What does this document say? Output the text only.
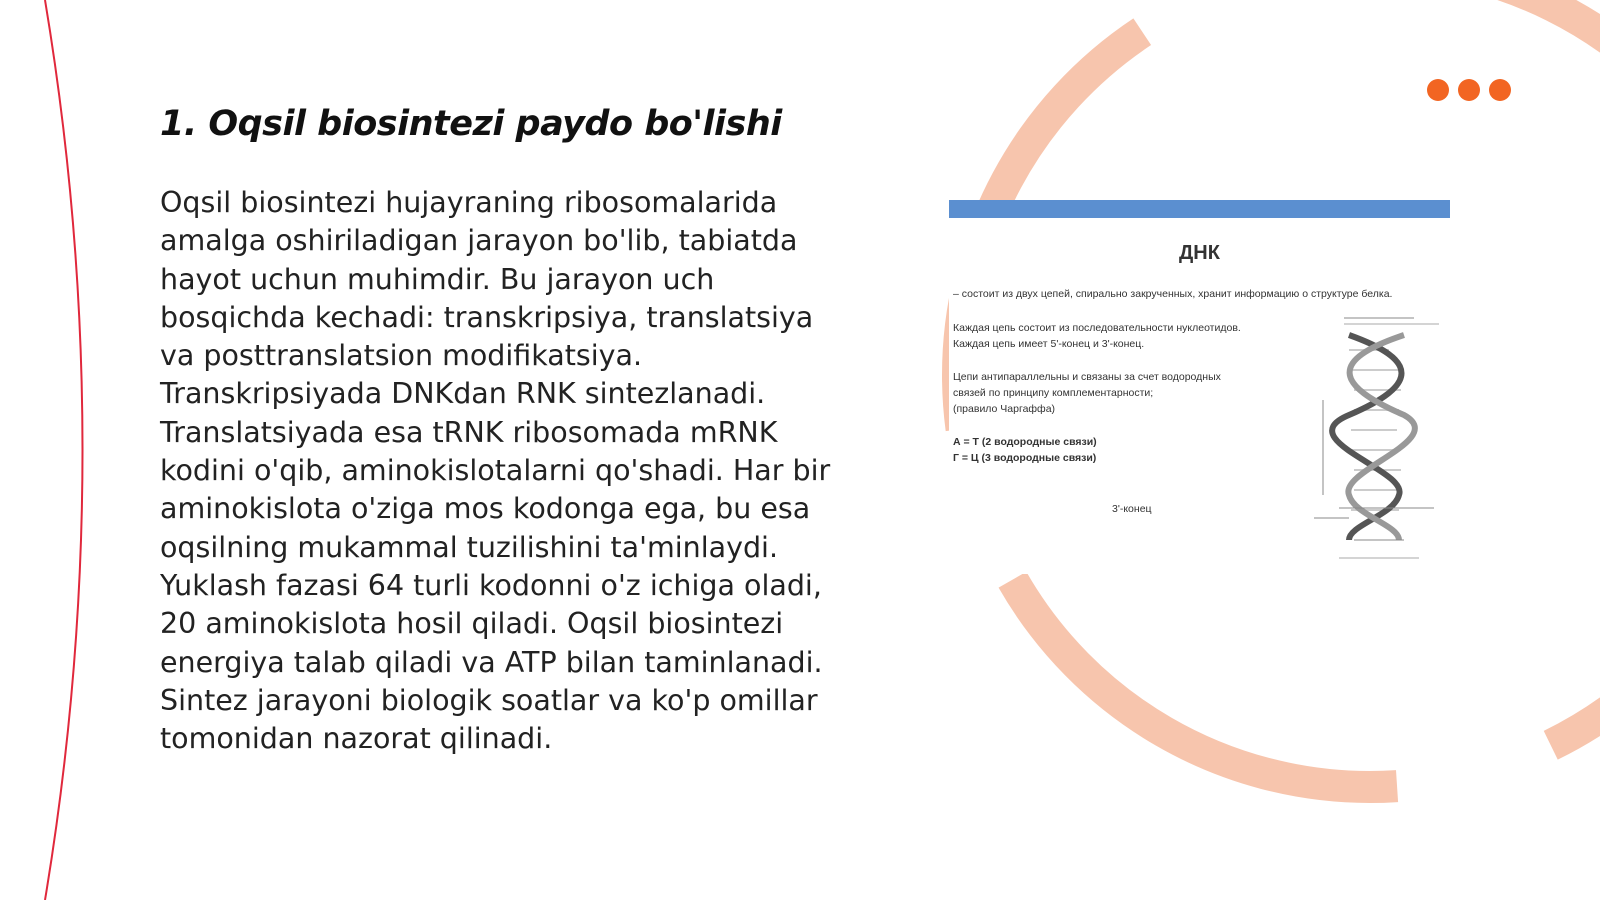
1. Oqsil biosintezi paydo bo'lishi

Oqsil biosintezi hujayraning ribosomalarida amalga oshiriladigan jarayon bo'lib, tabiatda hayot uchun muhimdir. Bu jarayon uch bosqichda kechadi: transkripsiya, translatsiya va posttranslatsion modifikatsiya. Transkripsiyada DNKdan RNK sintezlanadi. Translatsiyada esa tRNK ribosomada mRNK kodini o'qib, aminokislotalarni qo'shadi. Har bir aminokislota o'ziga mos kodonga ega, bu esa oqsilning mukammal tuzilishini ta'minlaydi. Yuklash fazasi 64 turli kodonni o'z ichiga oladi, 20 aminokislota hosil qiladi. Oqsil biosintezi energiya talab qiladi va ATP bilan taminlanadi. Sintez jarayoni biologik soatlar va ko'p omillar tomonidan nazorat qilinadi.

ДНК
– состоит из двух цепей, спирально закрученных, хранит информацию о структуре белка.
Каждая цепь состоит из последовательности нуклеотидов.
Каждая цепь имеет 5'-конец и 3'-конец.
Цепи антипараллельны и связаны за счет водородных
связей по принципу комплементарности;
(правило Чаргаффа)
А = Т (2 водородные связи)
Г = Ц (3 водородные связи)
3'-конец
